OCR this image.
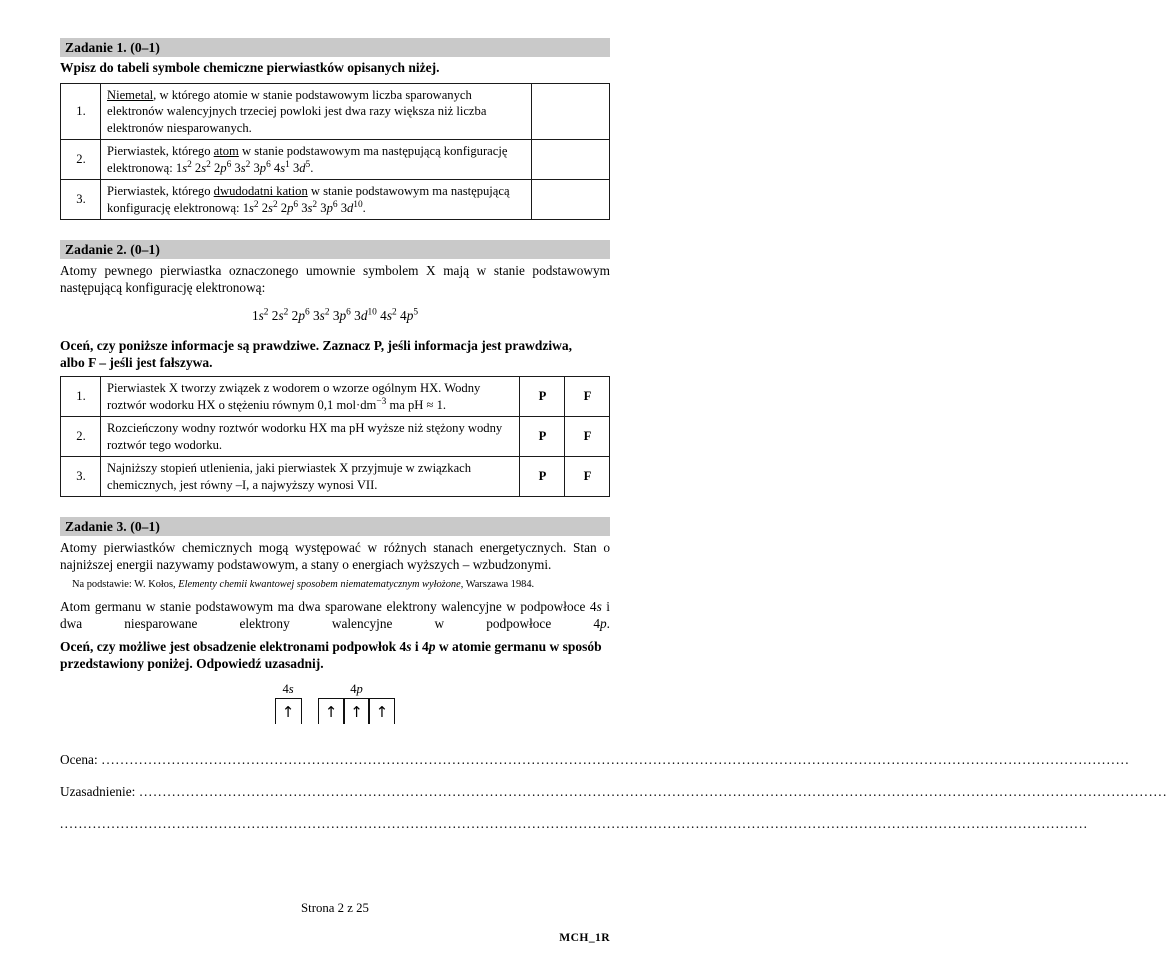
Zadanie 1. (0–1)
Wpisz do tabeli symbole chemiczne pierwiastków opisanych niżej.
1.	Niemetal, w którego atomie w stanie podstawowym liczba sparowanych elektronów walencyjnych trzeciej powloki jest dwa razy większa niż liczba elektronów niesparowanych.	
2.	Pierwiastek, którego atom w stanie podstawowym ma następującą konfigurację elektronową: $1s^2$ $2s^2$ $2p^6$ $3s^2$ $3p^6$ $4s^1$ $3d^5$.	
3.	Pierwiastek, którego dwudodatni kation w stanie podstawowym ma następującą konfigurację elektronową: $1s^2$ $2s^2$ $2p^6$ $3s^2$ $3p^6$ $3d^{10}$.	
Zadanie 2. (0–1)
Atomy pewnego pierwiastka oznaczonego umownie symbolem X mają w stanie podstawowym następującą konfigurację elektronową:
$1s^2$ $2s^2$ $2p^6$ $3s^2$ $3p^6$ $3d^{10}$ $4s^2$ $4p^5$
Oceń, czy poniższe informacje są prawdziwe. Zaznacz P, jeśli informacja jest prawdziwa,
albo F – jeśli jest fałszywa.
1.	Pierwiastek X tworzy związek z wodorem o wzorze ogólnym HX. Wodny roztwór wodorku HX o stężeniu równym 0,1 $mol\cdot dm^{-3}$ ma pH ≈ 1.	P	F
2.	Rozcieńczony wodny roztwór wodorku HX ma pH wyższe niż stężony wodny roztwór tego wodorku.	P	F
3.	Najniższy stopień utlenienia, jaki pierwiastek X przyjmuje w związkach chemicznych, jest równy –I, a najwyższy wynosi VII.	P	F
Zadanie 3. (0–1)
Atomy pierwiastków chemicznych mogą występować w różnych stanach energetycznych. Stan o najniższej energii nazywamy podstawowym, a stany o energiach wyższych – wzbudzonymi.
Na podstawie: W. Kołos, Elementy chemii kwantowej sposobem niematematycznym wyłożone, Warszawa 1984.
Atom germanu w stanie podstawowym ma dwa sparowane elektrony walencyjne w podpowłoce 4s i dwa niesparowane elektrony walencyjne w podpowłoce 4p.
Oceń, czy możliwe jest obsadzenie elektronami podpowłok 4s i 4p w atomie germanu w sposób przedstawiony poniżej. Odpowiedź uzasadnij.
4s
↑
4p
↑ ↑ ↑
Ocena: ............................................................................................................................................................................................................................
Uzasadnienie: ............................................................................................................................................................................................................................
............................................................................................................................................................................................................................
Strona 2 z 25
MCH_1R
